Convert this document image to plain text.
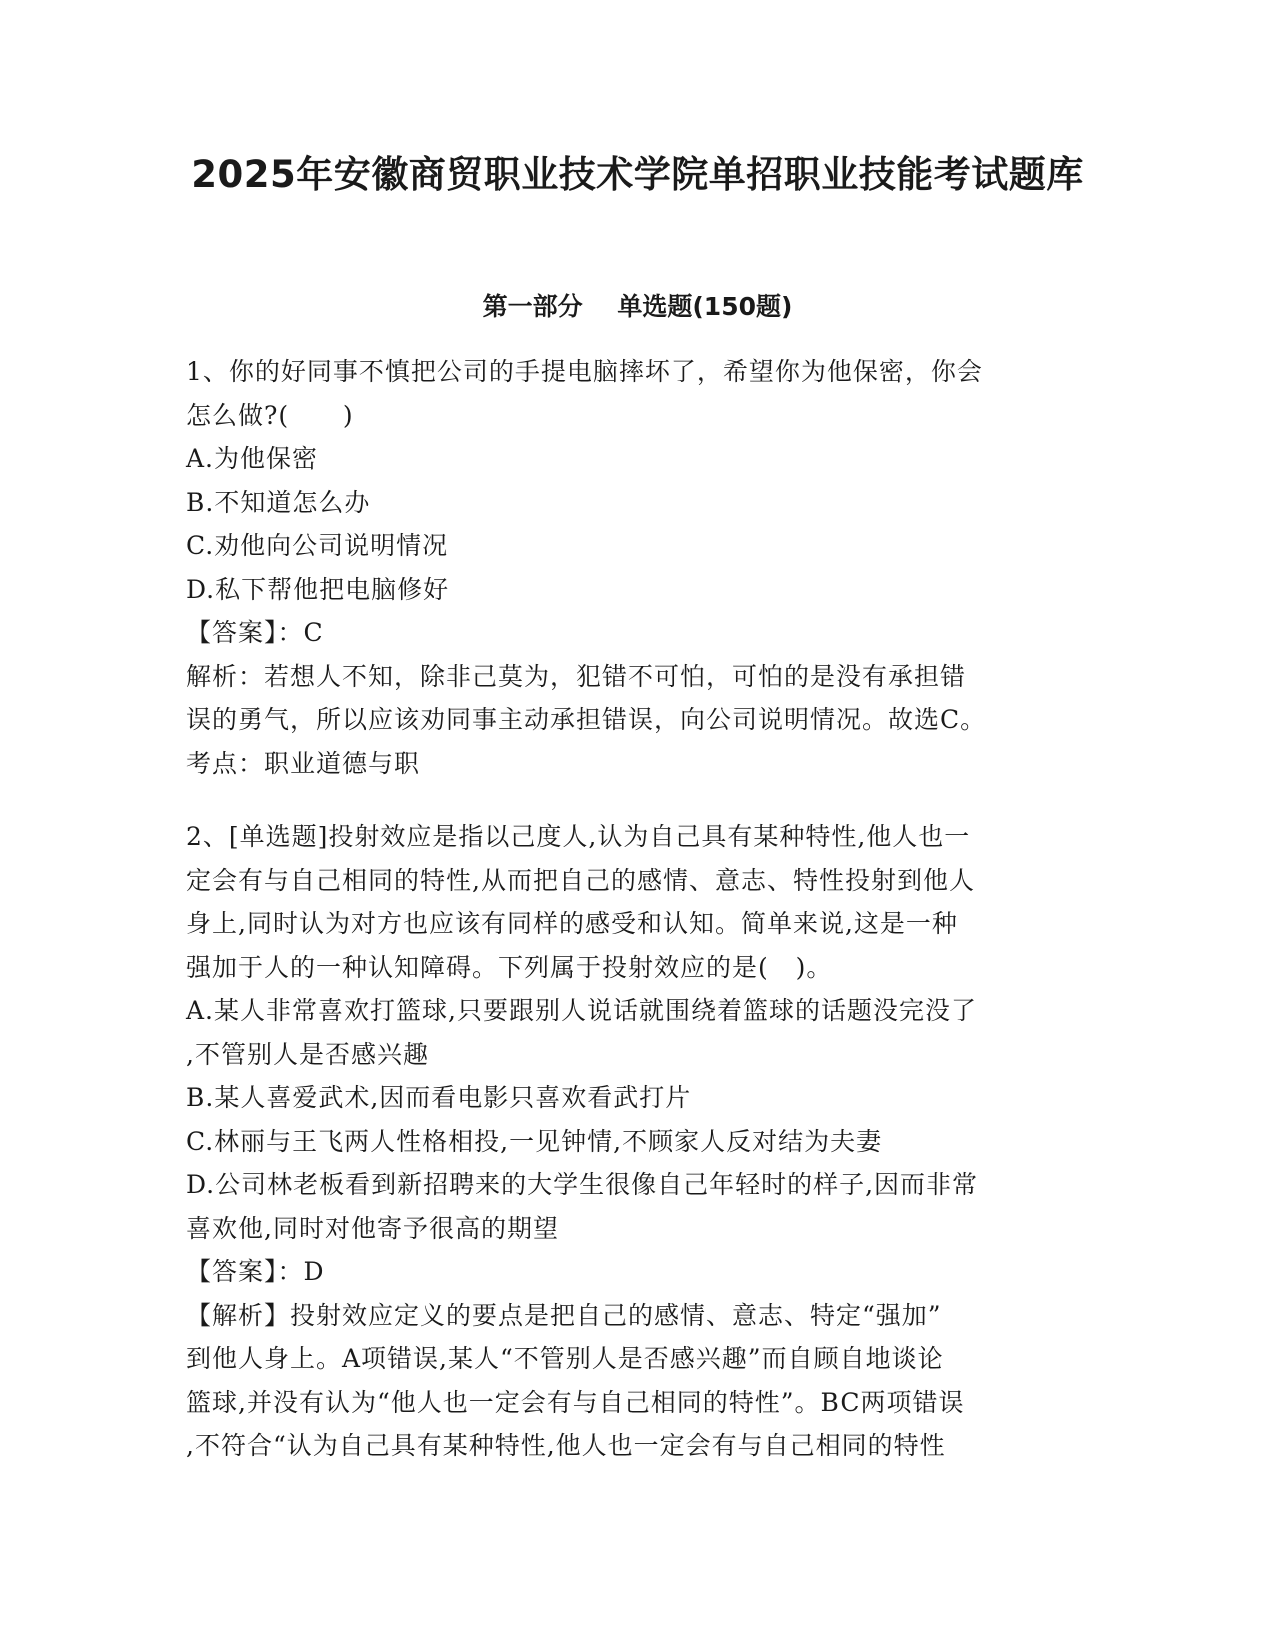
2025年安徽商贸职业技术学院单招职业技能考试题库
第一部分    单选题(150题)
1、你的好同事不慎把公司的手提电脑摔坏了，希望你为他保密，你会
怎么做?(      )
A.为他保密
B.不知道怎么办
C.劝他向公司说明情况
D.私下帮他把电脑修好
【答案】：C
解析：若想人不知，除非己莫为，犯错不可怕，可怕的是没有承担错
误的勇气，所以应该劝同事主动承担错误，向公司说明情况。故选C。
考点：职业道德与职
2、[单选题]投射效应是指以己度人,认为自己具有某种特性,他人也一
定会有与自己相同的特性,从而把自己的感情、意志、特性投射到他人
身上,同时认为对方也应该有同样的感受和认知。简单来说,这是一种
强加于人的一种认知障碍。下列属于投射效应的是(   )。
A.某人非常喜欢打篮球,只要跟别人说话就围绕着篮球的话题没完没了
,不管别人是否感兴趣
B.某人喜爱武术,因而看电影只喜欢看武打片
C.林丽与王飞两人性格相投,一见钟情,不顾家人反对结为夫妻
D.公司林老板看到新招聘来的大学生很像自己年轻时的样子,因而非常
喜欢他,同时对他寄予很高的期望
【答案】：D
【解析】投射效应定义的要点是把自己的感情、意志、特定“强加”
到他人身上。A项错误,某人“不管别人是否感兴趣”而自顾自地谈论
篮球,并没有认为“他人也一定会有与自己相同的特性”。BC两项错误
,不符合“认为自己具有某种特性,他人也一定会有与自己相同的特性
